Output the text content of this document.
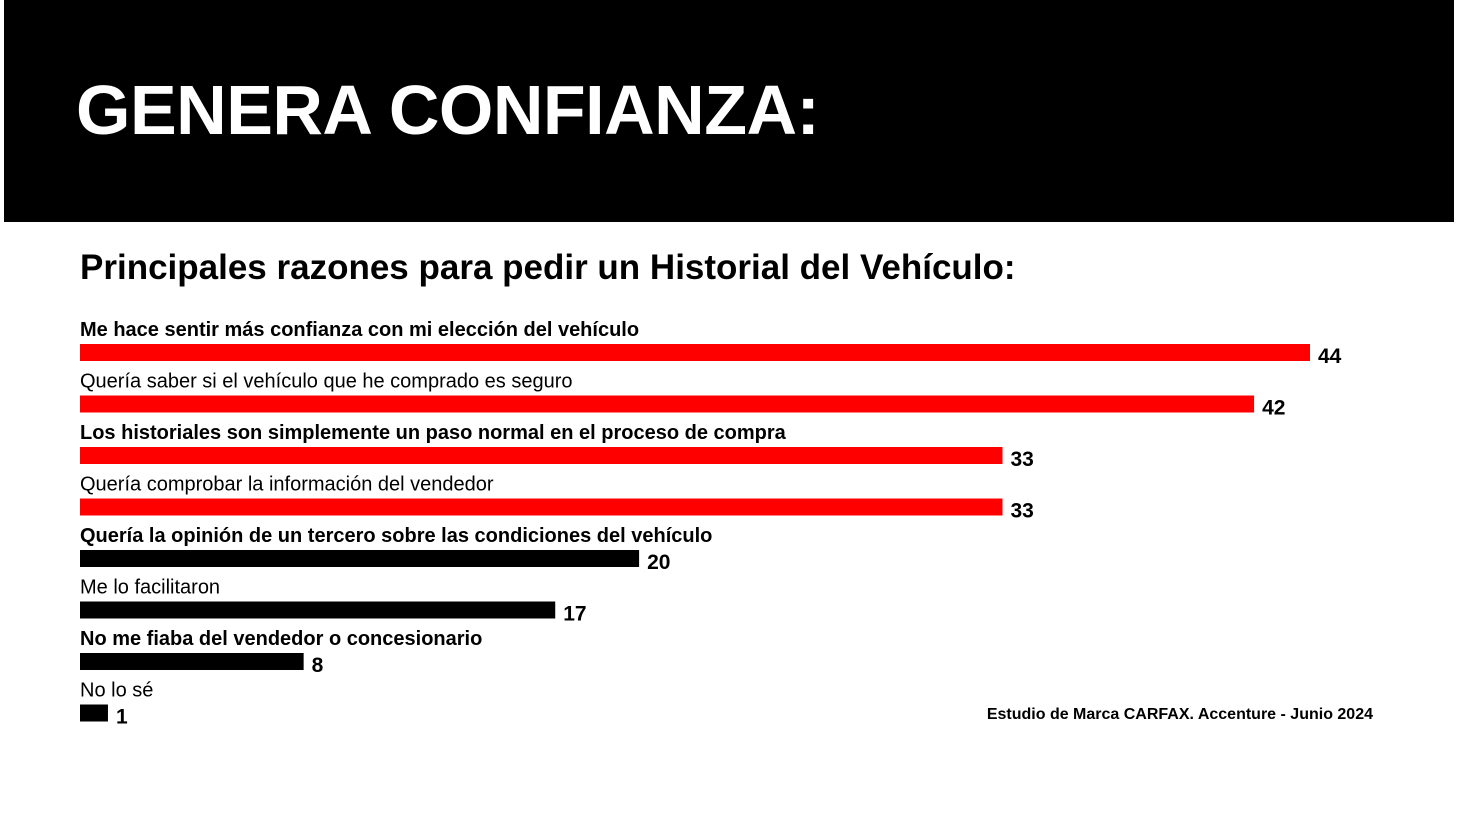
GENERA CONFIANZA:
Principales razones para pedir un Historial del Vehículo:
Me hace sentir más confianza con mi elección del vehículo
44
Quería saber si el vehículo que he comprado es seguro
42
Los historiales son simplemente un paso normal en el proceso de compra
33
Quería comprobar la información del vendedor
33
Quería la opinión de un tercero sobre las condiciones del vehículo
20
Me lo facilitaron
17
No me fiaba del vendedor o concesionario
8
No lo sé
1	Estudio de Marca CARFAX. Accenture - Junio 2024
